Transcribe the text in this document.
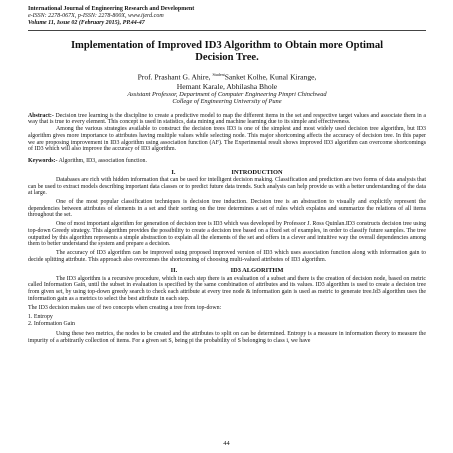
International Journal of Engineering Research and Development
e-ISSN: 2278-067X, p-ISSN: 2278-800X, www.ijerd.com
Volume 11, Issue 02 (February 2015), PP.44-47
Implementation of Improved ID3 Algorithm to Obtain more Optimal Decision Tree.
Prof. Prashant G. Ahire, $^{Student}$Sanket Kolhe, Kunal Kirange,
Hemant Karale, Abhilasha Bhole
Assistant Professor, Department of Computer Engineering Pimpri Chinchwad
College of Engineering University of Pune
Abstract:- Decision tree learning is the discipline to create a predictive model to map the different items in the set and respective target values and associate them in a way that is true to every element. This concept is used in statistics, data mining and machine learning due to its simple and effectiveness.
Among the various strategies available to construct the decision trees ID3 is one of the simplest and most widely used decision tree algorithm, but ID3 algorithm gives more importance to attributes having multiple values while selecting node. This major shortcoming affects the accuracy of decision tree. In this paper we are proposing improvement in ID3 algorithm using association function (AF). The Experimental result shows improved ID3 algorithm can overcome shortcomings of ID3 which will also improve the accuracy of ID3 algorithm.
Keywords:- Algorithm, ID3, association function.
I.	INTRODUCTION

Databases are rich with hidden information that can be used for intelligent decision making. Classification and prediction are two forms of data analysis that can be used to extract models describing important data classes or to predict future data trends. Such analysis can help provide us with a better understanding of the data at large.

One of the most popular classification techniques is decision tree induction. Decision tree is an abstraction to visually and explicitly represent the dependencies between attributes of elements in a set and their sorting on the tree determines a set of rules which explains and summarize the relations of all items throughout the set.

One of most important algorithm for generation of decision tree is ID3 which was developed by Professor J. Ross Quinlan.ID3 constructs decision tree using top-down Greedy strategy. This algorithm provides the possibility to create a decision tree based on a fixed set of examples, in order to classify future samples. The tree outputted by this algorithm represents a simple abstraction to explain all the elements of the set and offers in a clever and intuitive way the overall dependencies among them to better understand the system and prepare a decision.

The accuracy of ID3 algorithm can be improved using proposed improved version of ID3 which uses association function along with information gain to decide splitting attribute. This approach also overcomes the shortcoming of choosing multi-valued attributes of ID3 algorithm.

II.	ID3 ALGORITHM

The ID3 algorithm is a recursive procedure, which in each step there is an evaluation of a subset and there is the creation of decision node, based on metric called Information Gain, until the subset in evaluation is specified by the same combination of attributes and its values. ID3 algorithm is used to create a decision tree from given set, by using top-down greedy search to check each attribute at every tree node & information gain is used as metric to generate tree.Id3 algorithm uses the information gain as a metrics to select the best attribute in each step.

The ID3 decision makes use of two concepts when creating a tree from top-down:

1. Entropy
2. Information Gain

Using these two metrics, the nodes to be created and the attributes to split on can be determined. Entropy is a measure in information theory to measure the impurity of a arbitrarily collection of items. For a given set S, being pi the probability of S belonging to class i, we have

44
